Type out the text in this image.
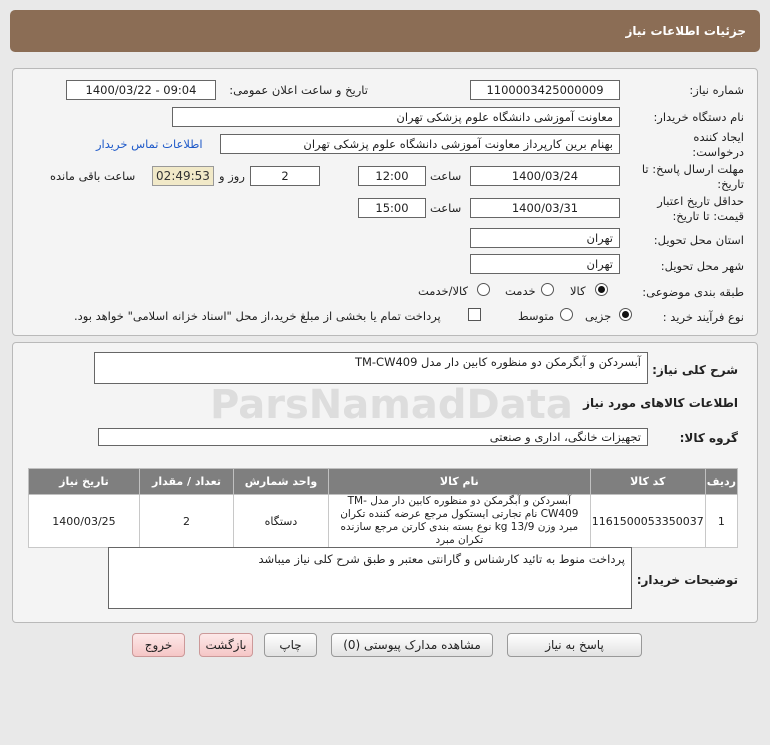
جزئیات اطلاعات نیاز
شماره نیاز:
1100003425000009
تاریخ و ساعت اعلان عمومی:
1400/03/22 - 09:04
نام دستگاه خریدار:
معاونت آموزشی دانشگاه علوم پزشکی تهران
ایجاد کننده درخواست:
بهنام برین کارپرداز معاونت آموزشی دانشگاه علوم پزشکی تهران
اطلاعات تماس خریدار
مهلت ارسال پاسخ: تا تاریخ:
1400/03/24
ساعت
12:00
2
روز و
02:49:53
ساعت باقی مانده
حداقل تاریخ اعتبار قیمت: تا تاریخ:
1400/03/31
ساعت
15:00
استان محل تحویل:
تهران
شهر محل تحویل:
تهران
طبقه بندی موضوعی:
کالا
خدمت
کالا/خدمت
نوع فرآیند خرید :
جزیی
متوسط
پرداخت تمام یا بخشی از مبلغ خرید،از محل "اسناد خزانه اسلامی" خواهد بود.
شرح کلی نیاز:
آبسردکن و آبگرمکن دو منظوره کابین دار مدل TM-CW409
اطلاعات کالاهای مورد نیاز
گروه کالا:
تجهیزات خانگی، اداری و صنعتی
ردیف	کد کالا	نام کالا	واحد شمارش	تعداد / مقدار	تاریخ نیاز
1	1161500053350037	آبسردکن و آبگرمکن دو منظوره کابین دار مدل TM-CW409 نام تجارتی ایستکول مرجع عرضه کننده تکران مبرد وزن 13/9 kg نوع بسته بندی کارتن مرجع سازنده تکران مبرد	دستگاه	2	1400/03/25
توضیحات خریدار:
پرداخت منوط به تائید کارشناس و گارانتی معتبر و طبق شرح کلی نیاز میباشد
ParsNamadData
پاسخ به نیاز
مشاهده مدارک پیوستی (0)
چاپ
بازگشت
خروج
